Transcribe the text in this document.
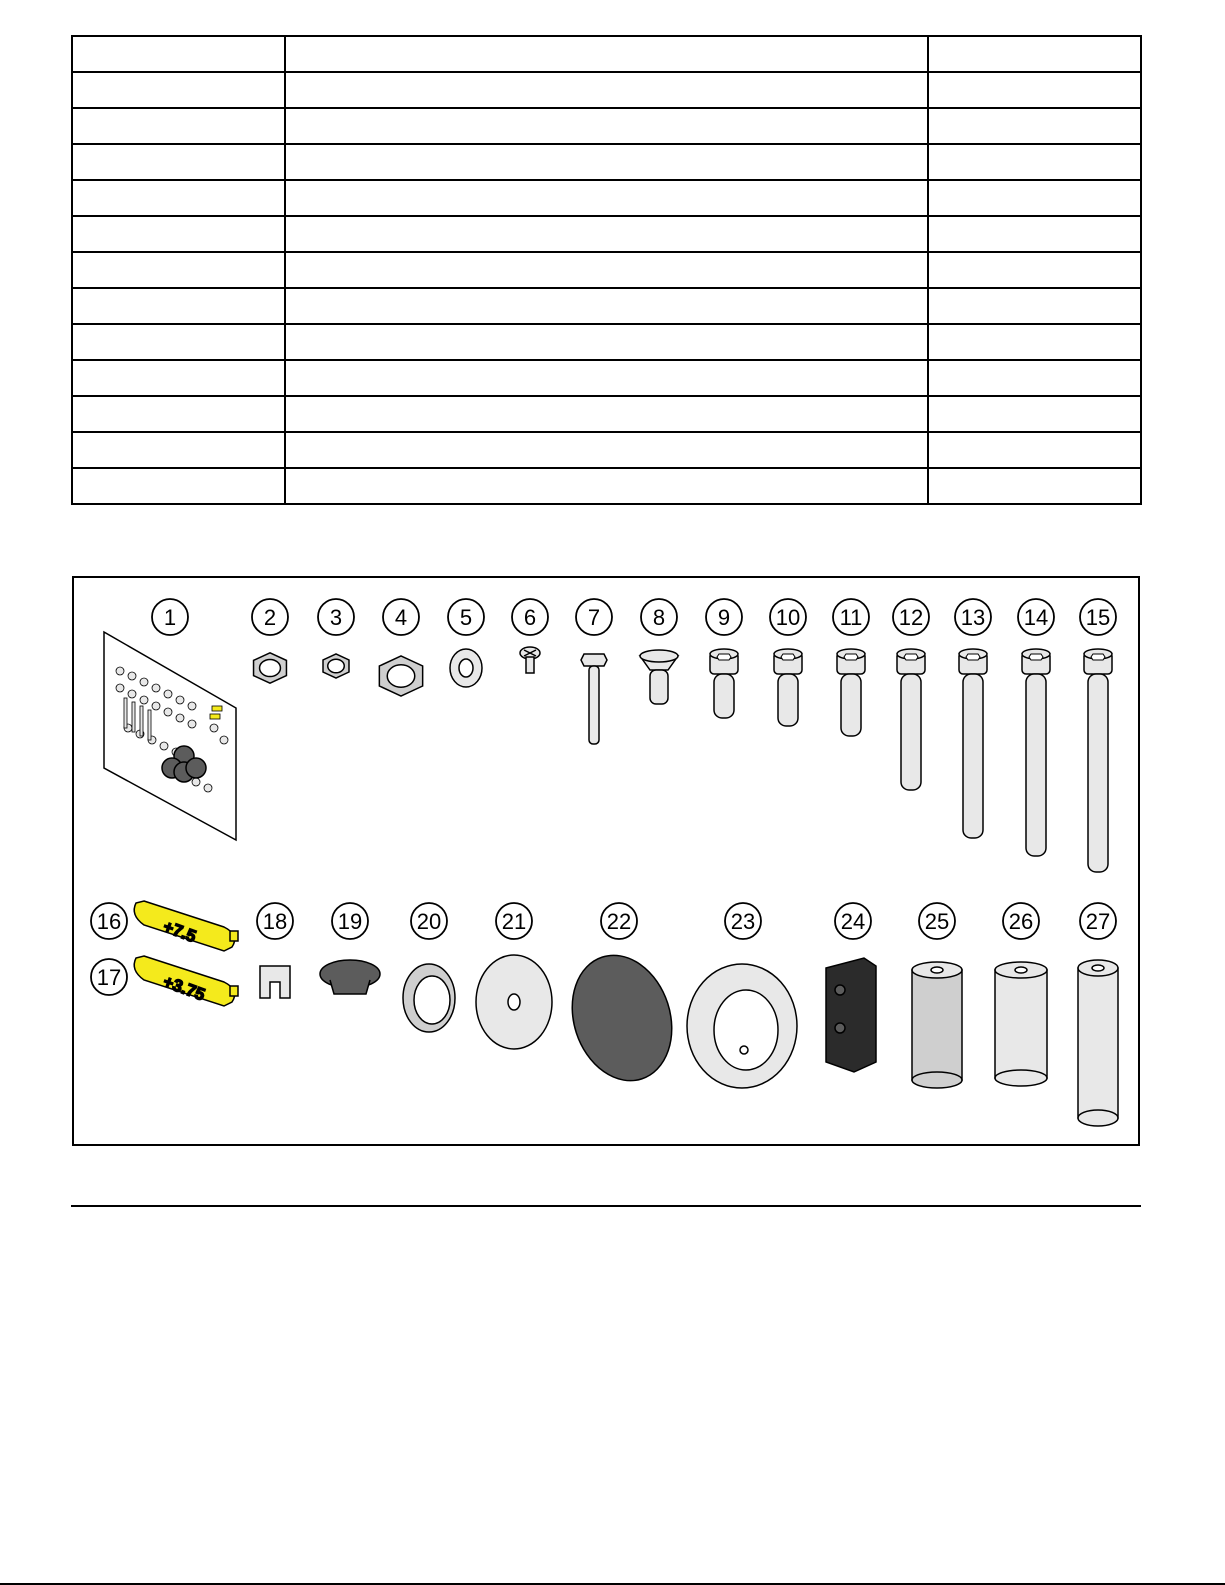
+7.5
+3.75
1	2 3 4 5 6 7 8 9 10 11 12 13 14 15
16
17
18 19 20	21	22	23	24	25	26 27
